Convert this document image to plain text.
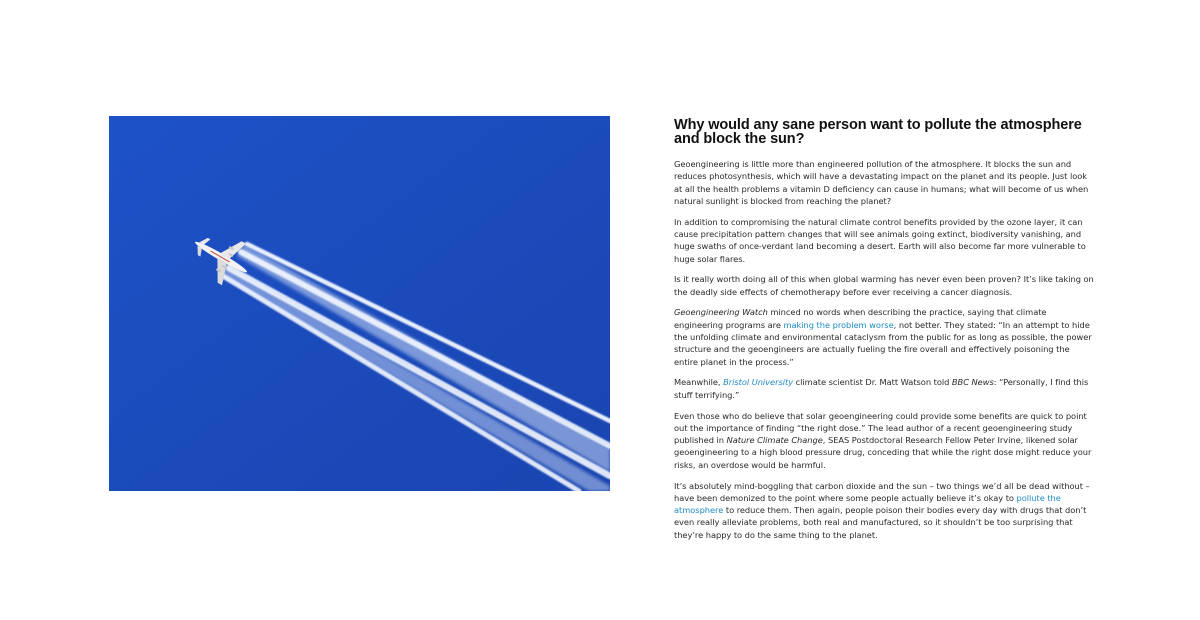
Why would any sane person want to pollute the atmosphere and block the sun?

Geoengineering is little more than engineered pollution of the atmosphere. It blocks the sun and reduces photosynthesis, which will have a devastating impact on the planet and its people. Just look at all the health problems a vitamin D deficiency can cause in humans; what will become of us when natural sunlight is blocked from reaching the planet?

In addition to compromising the natural climate control benefits provided by the ozone layer, it can cause precipitation pattern changes that will see animals going extinct, biodiversity vanishing, and huge swaths of once-verdant land becoming a desert. Earth will also become far more vulnerable to huge solar flares.

Is it really worth doing all of this when global warming has never even been proven? It’s like taking on the deadly side effects of chemotherapy before ever receiving a cancer diagnosis.

Geoengineering Watch minced no words when describing the practice, saying that climate engineering programs are making the problem worse, not better. They stated: “In an attempt to hide the unfolding climate and environmental cataclysm from the public for as long as possible, the power structure and the geoengineers are actually fueling the fire overall and effectively poisoning the entire planet in the process.”

Meanwhile, Bristol University climate scientist Dr. Matt Watson told BBC News: “Personally, I find this stuff terrifying.”

Even those who do believe that solar geoengineering could provide some benefits are quick to point out the importance of finding “the right dose.” The lead author of a recent geoengineering study published in Nature Climate Change, SEAS Postdoctoral Research Fellow Peter Irvine, likened solar geoengineering to a high blood pressure drug, conceding that while the right dose might reduce your risks, an overdose would be harmful.

It’s absolutely mind-boggling that carbon dioxide and the sun – two things we’d all be dead without – have been demonized to the point where some people actually believe it’s okay to pollute the atmosphere to reduce them. Then again, people poison their bodies every day with drugs that don’t even really alleviate problems, both real and manufactured, so it shouldn’t be too surprising that they’re happy to do the same thing to the planet.
